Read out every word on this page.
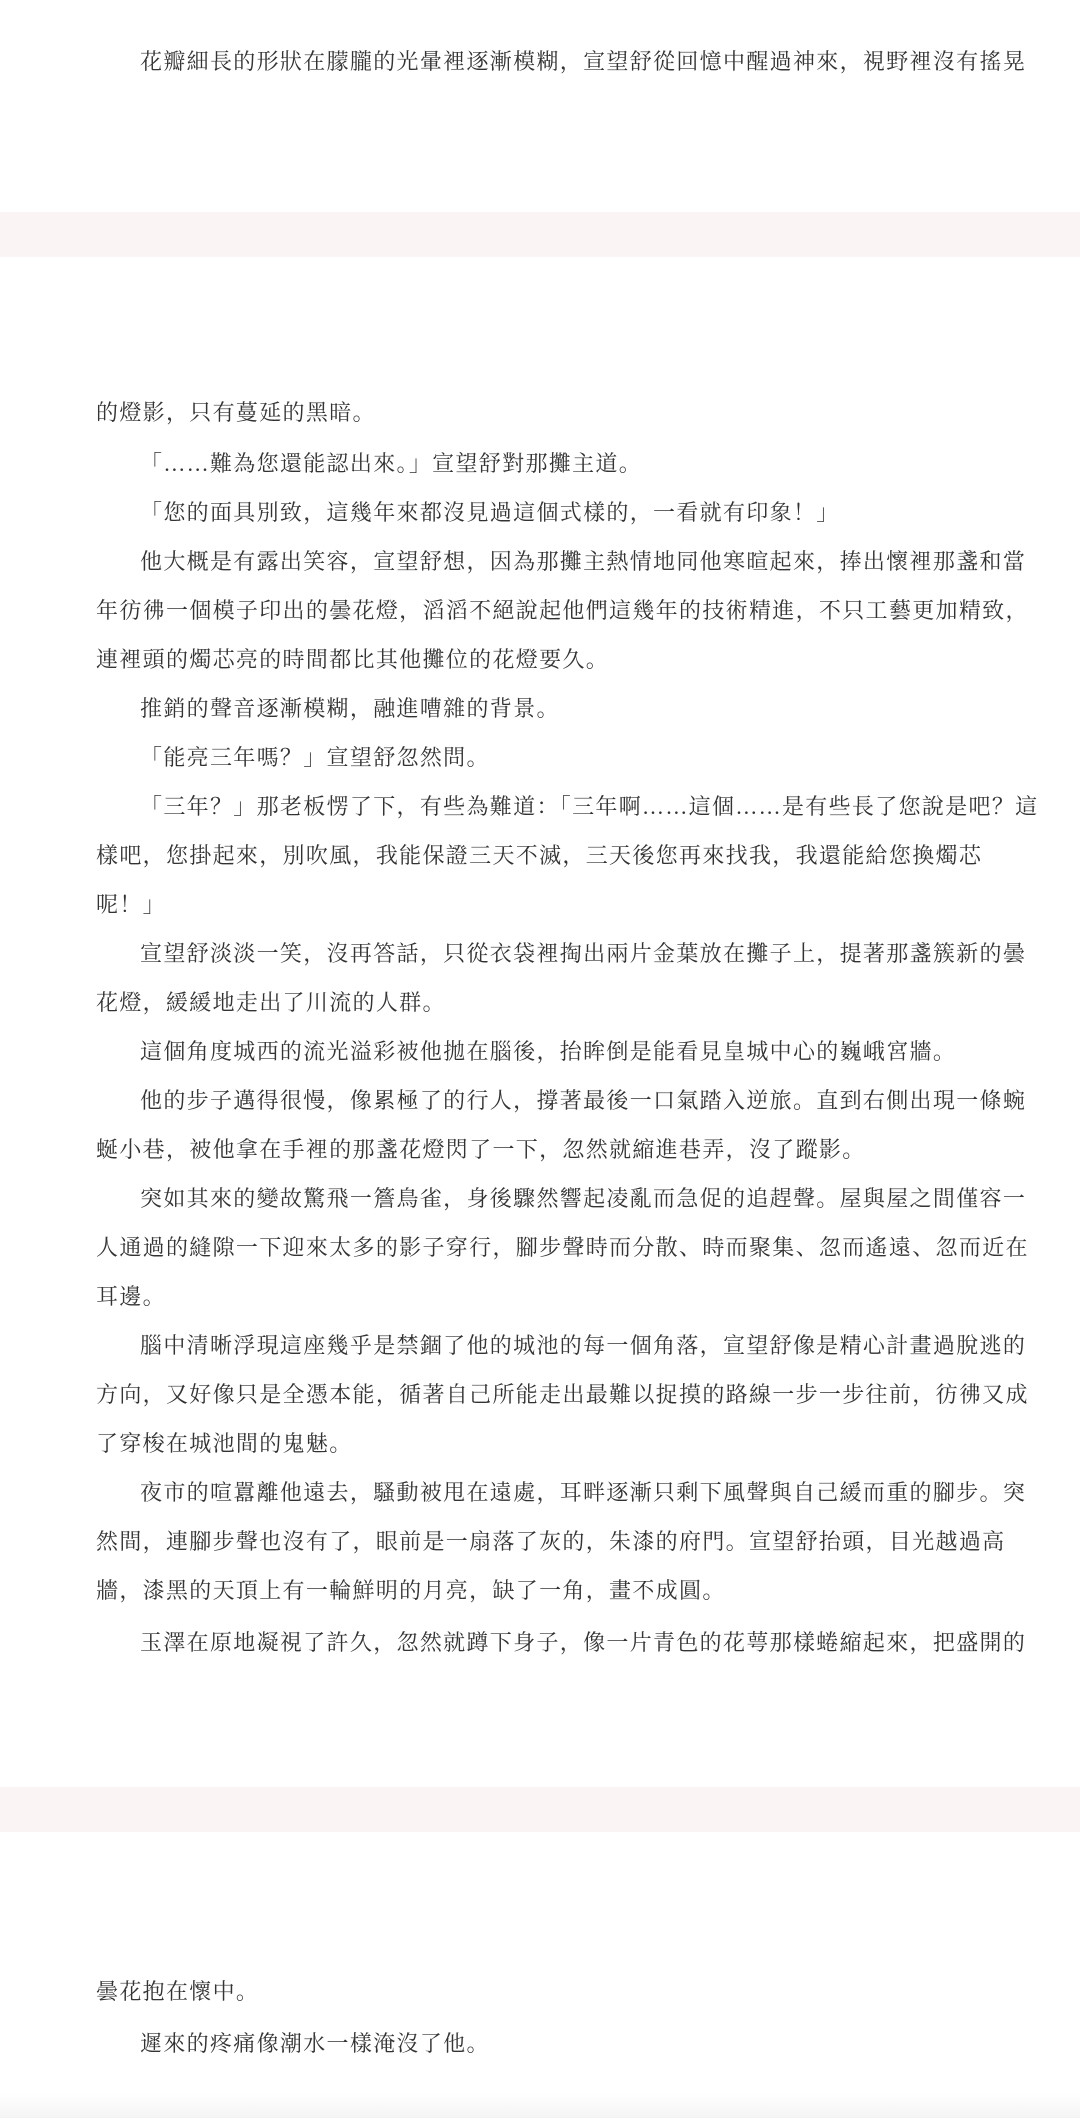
花瓣細長的形狀在朦朧的光暈裡逐漸模糊，宣望舒從回憶中醒過神來，視野裡沒有搖晃
的燈影，只有蔓延的黑暗。
「……難為您還能認出來。」宣望舒對那攤主道。
「您的面具別致，這幾年來都沒見過這個式樣的，一看就有印象！」
他大概是有露出笑容，宣望舒想，因為那攤主熱情地同他寒暄起來，捧出懷裡那盞和當
年彷彿一個模子印出的曇花燈，滔滔不絕說起他們這幾年的技術精進，不只工藝更加精致，
連裡頭的燭芯亮的時間都比其他攤位的花燈要久。
推銷的聲音逐漸模糊，融進嘈雜的背景。
「能亮三年嗎？」宣望舒忽然問。
「三年？」那老板愣了下，有些為難道：「三年啊……這個……是有些長了您說是吧？這
樣吧，您掛起來，別吹風，我能保證三天不滅，三天後您再來找我，我還能給您換燭芯
呢！」
宣望舒淡淡一笑，沒再答話，只從衣袋裡掏出兩片金葉放在攤子上，提著那盞簇新的曇
花燈，緩緩地走出了川流的人群。
這個角度城西的流光溢彩被他拋在腦後，抬眸倒是能看見皇城中心的巍峨宮牆。
他的步子邁得很慢，像累極了的行人，撐著最後一口氣踏入逆旅。直到右側出現一條蜿
蜒小巷，被他拿在手裡的那盞花燈閃了一下，忽然就縮進巷弄，沒了蹤影。
突如其來的變故驚飛一簷鳥雀，身後驟然響起凌亂而急促的追趕聲。屋與屋之間僅容一
人通過的縫隙一下迎來太多的影子穿行，腳步聲時而分散、時而聚集、忽而遙遠、忽而近在
耳邊。
腦中清晰浮現這座幾乎是禁錮了他的城池的每一個角落，宣望舒像是精心計畫過脫逃的
方向，又好像只是全憑本能，循著自己所能走出最難以捉摸的路線一步一步往前，彷彿又成
了穿梭在城池間的鬼魅。
夜市的喧囂離他遠去，騷動被甩在遠處，耳畔逐漸只剩下風聲與自己緩而重的腳步。突
然間，連腳步聲也沒有了，眼前是一扇落了灰的，朱漆的府門。宣望舒抬頭，目光越過高
牆，漆黑的天頂上有一輪鮮明的月亮，缺了一角，畫不成圓。
玉澤在原地凝視了許久，忽然就蹲下身子，像一片青色的花萼那樣蜷縮起來，把盛開的
曇花抱在懷中。
遲來的疼痛像潮水一樣淹沒了他。
